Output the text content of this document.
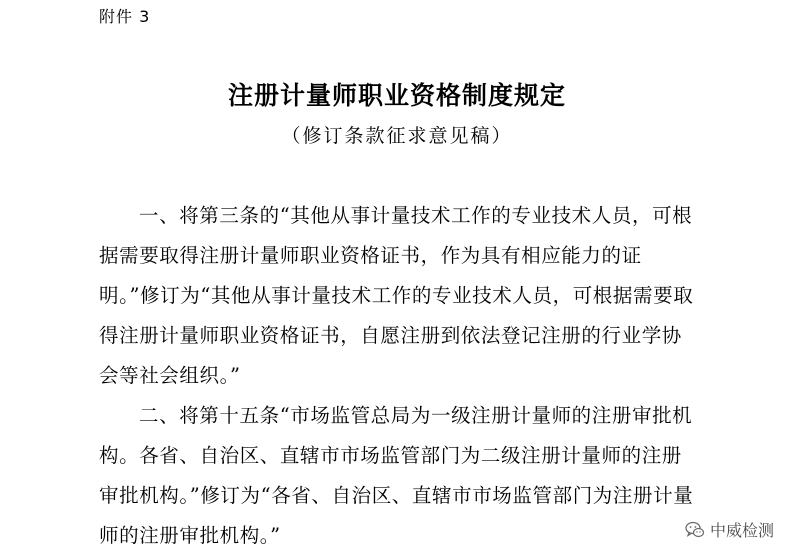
附件 3
注册计量师职业资格制度规定
（修订条款征求意见稿）

一、将第三条的“其他从事计量技术工作的专业技术人员，可根据需要取得注册计量师职业资格证书，作为具有相应能力的证明。”修订为“其他从事计量技术工作的专业技术人员，可根据需要取得注册计量师职业资格证书，自愿注册到依法登记注册的行业学协会等社会组织。”

二、将第十五条“市场监管总局为一级注册计量师的注册审批机构。各省、自治区、直辖市市场监管部门为二级注册计量师的注册审批机构。”修订为“各省、自治区、直辖市市场监管部门为注册计量师的注册审批机构。”	中威检测
